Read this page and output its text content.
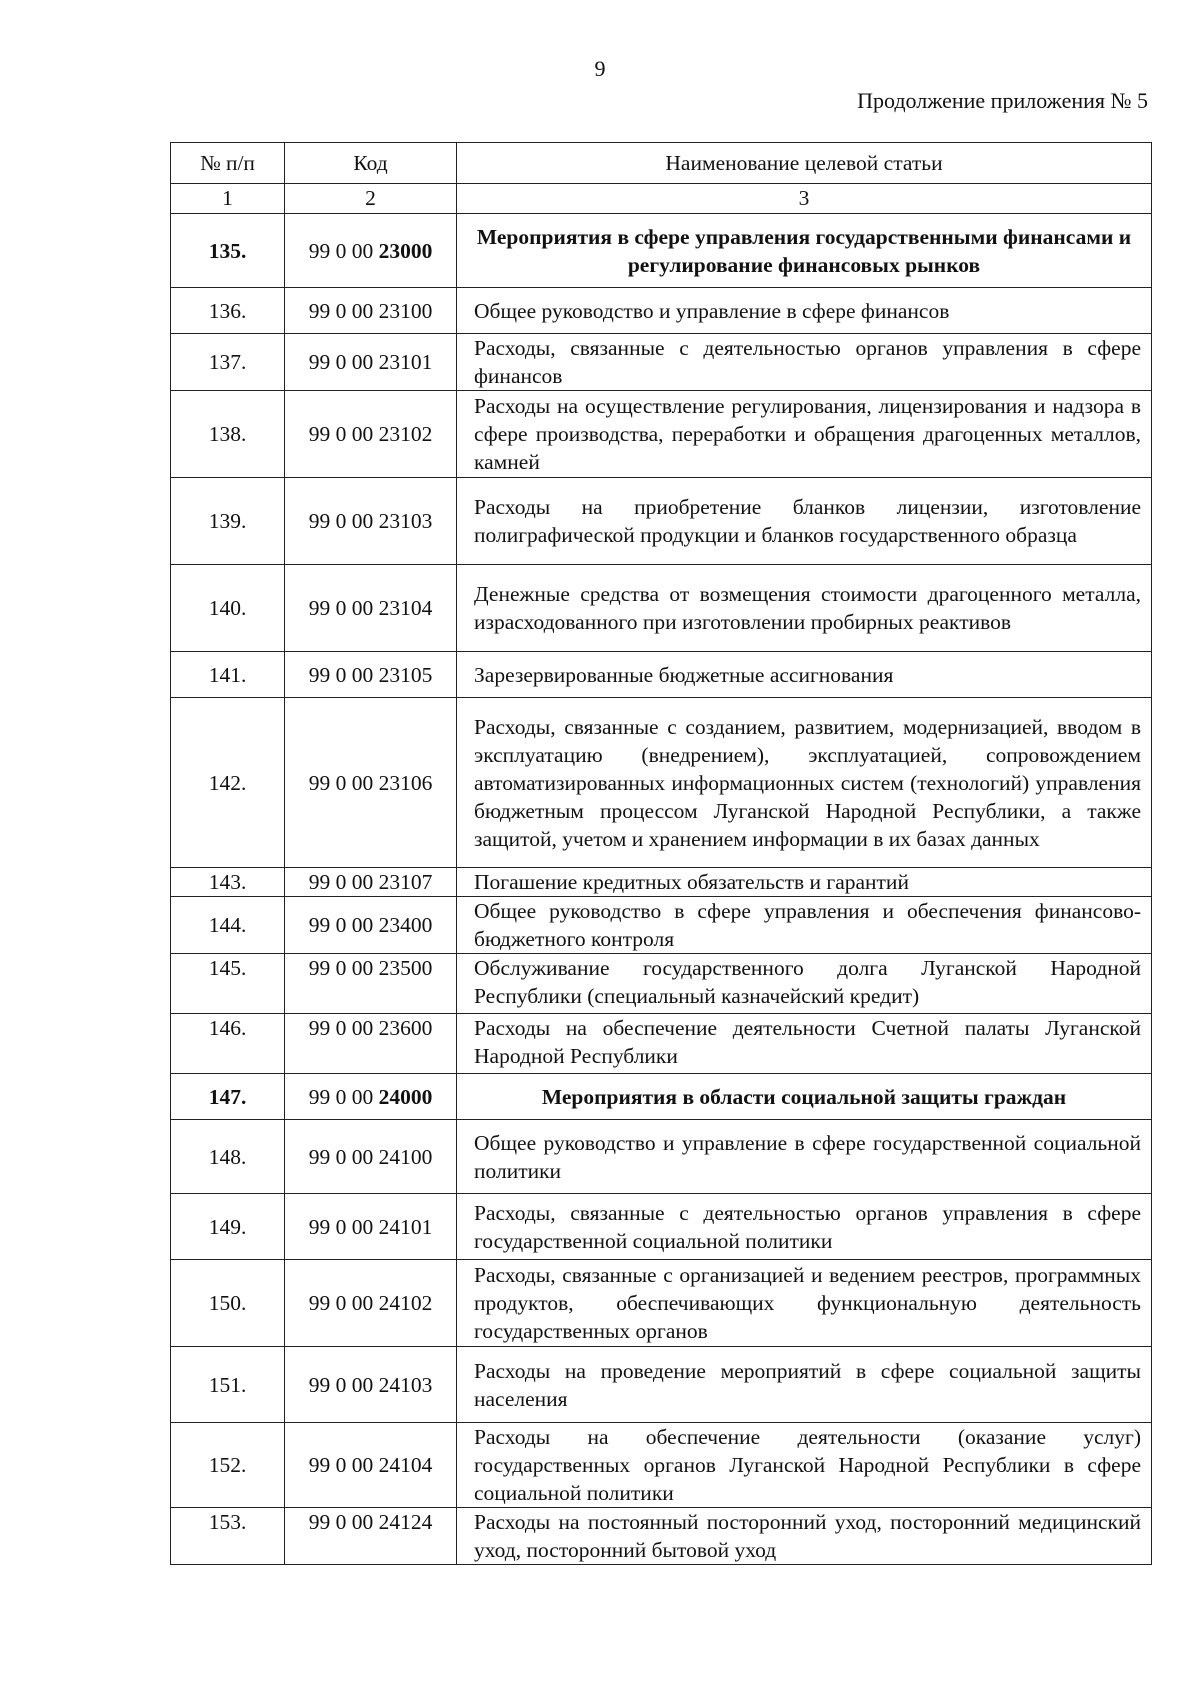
9
Продолжение приложения № 5
№ п/п	Код	Наименование целевой статьи
1	2	3
135.	99 0 00 23000	Мероприятия в сфере управления государственными финансами и регулирование финансовых рынков
136.	99 0 00 23100	Общее руководство и управление в сфере финансов
137.	99 0 00 23101	Расходы, связанные с деятельностью органов управления в сфере финансов
138.	99 0 00 23102	Расходы на осуществление регулирования, лицензирования и надзора в сфере производства, переработки и обращения драгоценных металлов, камней
139.	99 0 00 23103	Расходы на приобретение бланков лицензии, изготовление полиграфической продукции и бланков государственного образца
140.	99 0 00 23104	Денежные средства от возмещения стоимости драгоценного металла, израсходованного при изготовлении пробирных реактивов
141.	99 0 00 23105	Зарезервированные бюджетные ассигнования
142.	99 0 00 23106	Расходы, связанные с созданием, развитием, модернизацией, вводом в эксплуатацию (внедрением), эксплуатацией, сопровождением автоматизированных информационных систем (технологий) управления бюджетным процессом Луганской Народной Республики, а также защитой, учетом и хранением информации в их базах данных
143.	99 0 00 23107	Погашение кредитных обязательств и гарантий
144.	99 0 00 23400	Общее руководство в сфере управления и обеспечения финансово-бюджетного контроля
145.	99 0 00 23500	Обслуживание государственного долга Луганской Народной Республики (специальный казначейский кредит)
146.	99 0 00 23600	Расходы на обеспечение деятельности Счетной палаты Луганской Народной Республики
147.	99 0 00 24000	Мероприятия в области социальной защиты граждан
148.	99 0 00 24100	Общее руководство и управление в сфере государственной социальной политики
149.	99 0 00 24101	Расходы, связанные с деятельностью органов управления в сфере государственной социальной политики
150.	99 0 00 24102	Расходы, связанные с организацией и ведением реестров, программных продуктов, обеспечивающих функциональную деятельность государственных органов
151.	99 0 00 24103	Расходы на проведение мероприятий в сфере социальной защиты населения
152.	99 0 00 24104	Расходы на обеспечение деятельности (оказание услуг) государственных органов Луганской Народной Республики в сфере социальной политики
153.	99 0 00 24124	Расходы на постоянный посторонний уход, посторонний медицинский уход, посторонний бытовой уход
